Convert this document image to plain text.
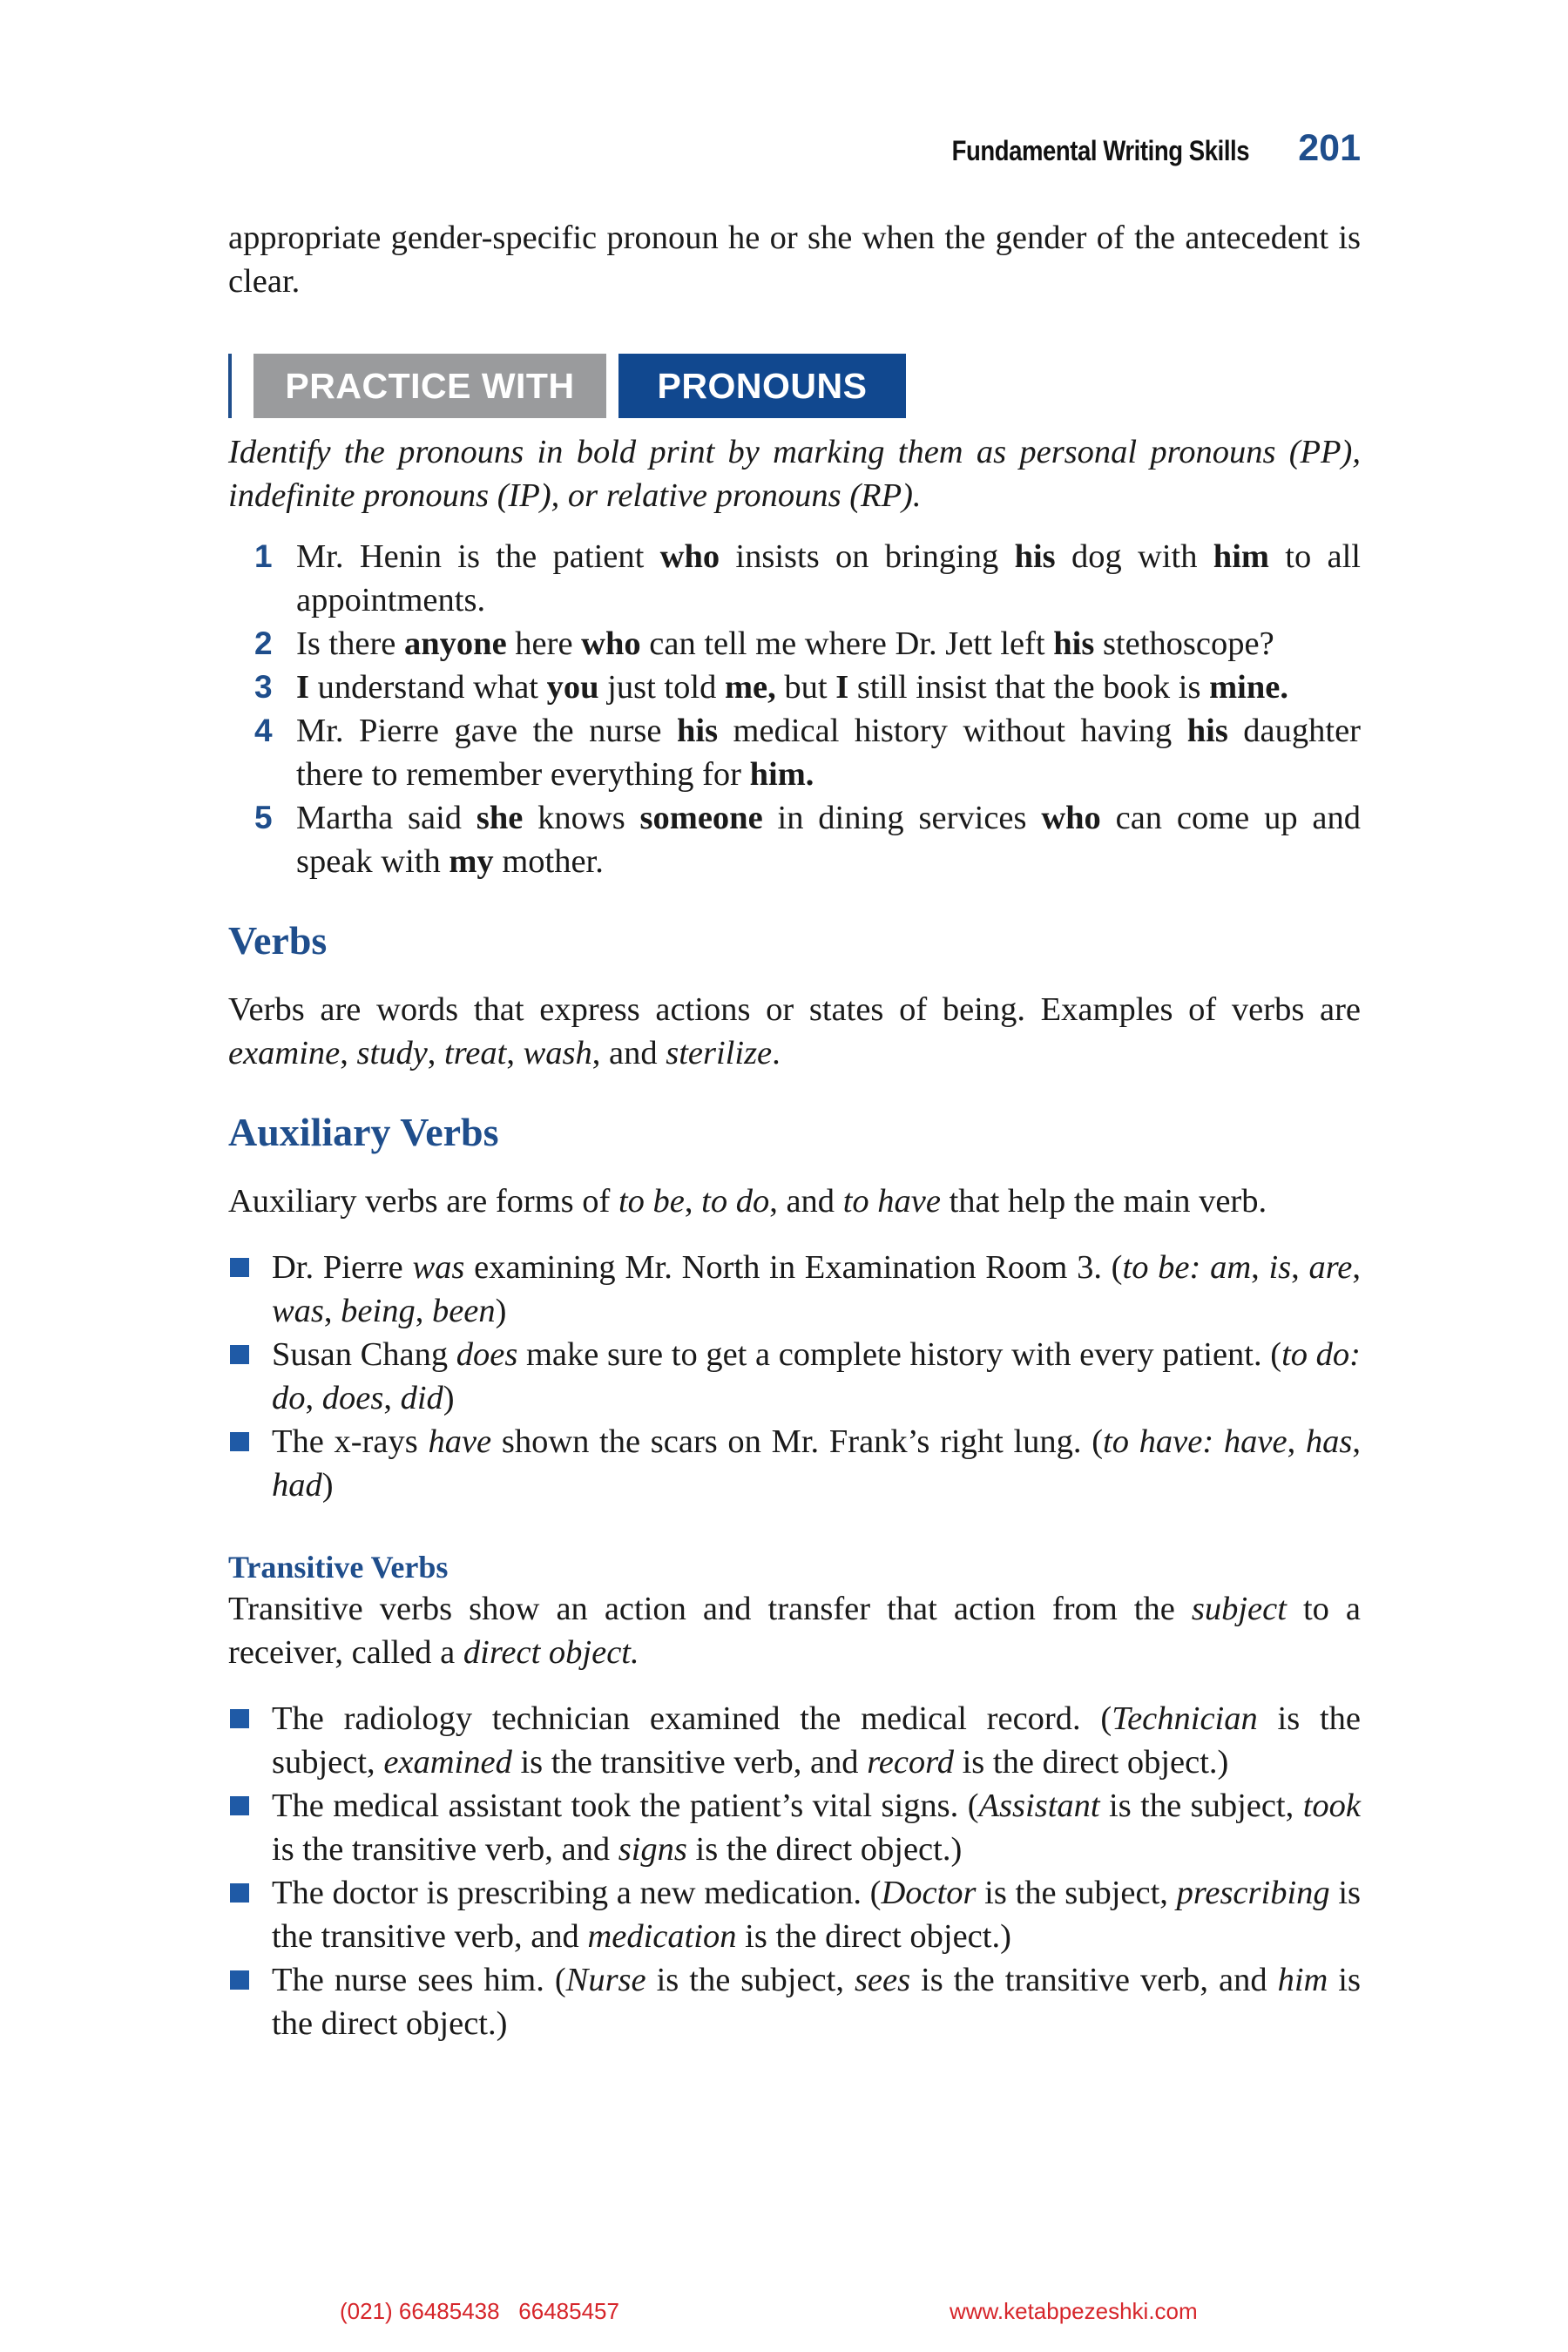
Fundamental Writing Skills 201

appropriate gender-specific pronoun he or she when the gender of the antecedent is clear.

PRACTICE WITH	PRONOUNS

Identify the pronouns in bold print by marking them as personal pronouns (PP), indefinite pronouns (IP), or relative pronouns (RP).

1 Mr. Henin is the patient who insists on bringing his dog with him to all appointments.
2 Is there anyone here who can tell me where Dr. Jett left his stethoscope?
3 I understand what you just told me, but I still insist that the book is mine.
4 Mr. Pierre gave the nurse his medical history without having his daughter there to remember everything for him.
5 Martha said she knows someone in dining services who can come up and speak with my mother.
Verbs

Verbs are words that express actions or states of being. Examples of verbs are examine, study, treat, wash, and sterilize.

Auxiliary Verbs

Auxiliary verbs are forms of to be, to do, and to have that help the main verb.

Dr. Pierre was examining Mr. North in Examination Room 3. (to be: am, is, are, was, being, been)
Susan Chang does make sure to get a complete history with every patient. (to do: do, does, did)
The x-rays have shown the scars on Mr. Frank’s right lung. (to have: have, has, had)
Transitive Verbs

Transitive verbs show an action and transfer that action from the subject to a receiver, called a direct object.

The radiology technician examined the medical record. (Technician is the subject, examined is the transitive verb, and record is the direct object.)
The medical assistant took the patient’s vital signs. (Assistant is the subject, took is the transitive verb, and signs is the direct object.)
The doctor is prescribing a new medication. (Doctor is the subject, prescribing is the transitive verb, and medication is the direct object.)
The nurse sees him. (Nurse is the subject, sees is the transitive verb, and him is the direct object.)
(021) 66485438   66485457	www.ketabpezeshki.com
